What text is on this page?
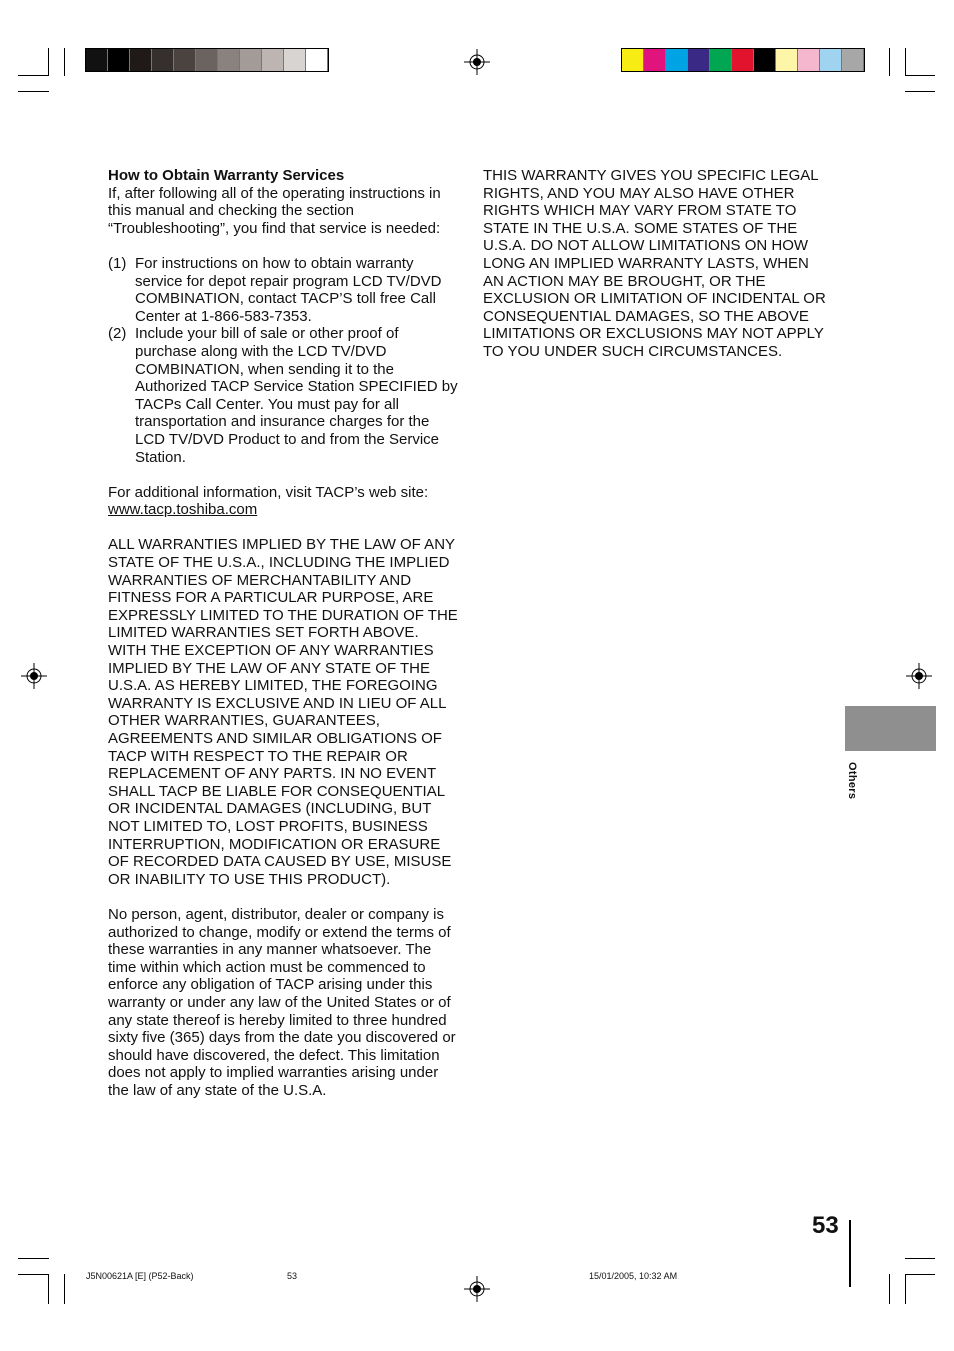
How to Obtain Warranty Services

If, after following all of the operating instructions in this manual and checking the section “Troubleshooting”, you find that service is needed:

(1) For instructions on how to obtain warranty service for depot repair program LCD TV/DVD COMBINATION, contact TACP’S toll free Call Center at 1-866-583-7353.
(2) Include your bill of sale or other proof of purchase along with the LCD TV/DVD COMBINATION, when sending it to the Authorized TACP Service Station SPECIFIED by TACPs Call Center. You must pay for all transportation and insurance charges for the LCD TV/DVD Product to and from the Service Station.

For additional information, visit TACP’s web site:

www.tacp.toshiba.com

ALL WARRANTIES IMPLIED BY THE LAW OF ANY STATE OF THE U.S.A., INCLUDING THE IMPLIED WARRANTIES OF MERCHANTABILITY AND FITNESS FOR A PARTICULAR PURPOSE, ARE EXPRESSLY LIMITED TO THE DURATION OF THE LIMITED WARRANTIES SET FORTH ABOVE. WITH THE EXCEPTION OF ANY WARRANTIES IMPLIED BY THE LAW OF ANY STATE OF THE U.S.A. AS HEREBY LIMITED, THE FOREGOING WARRANTY IS EXCLUSIVE AND IN LIEU OF ALL OTHER WARRANTIES, GUARANTEES, AGREEMENTS AND SIMILAR OBLIGATIONS OF TACP WITH RESPECT TO THE REPAIR OR REPLACEMENT OF ANY PARTS. IN NO EVENT SHALL TACP BE LIABLE FOR CONSEQUENTIAL OR INCIDENTAL DAMAGES (INCLUDING, BUT NOT LIMITED TO, LOST PROFITS, BUSINESS INTERRUPTION, MODIFICATION OR ERASURE OF RECORDED DATA CAUSED BY USE, MISUSE OR INABILITY TO USE THIS PRODUCT).

No person, agent, distributor, dealer or company is authorized to change, modify or extend the terms of these warranties in any manner whatsoever. The time within which action must be commenced to enforce any obligation of TACP arising under this warranty or under any law of the United States or of any state thereof is hereby limited to three hundred sixty five (365) days from the date you discovered or should have discovered, the defect. This limitation does not apply to implied warranties arising under the law of any state of the U.S.A.

THIS WARRANTY GIVES YOU SPECIFIC LEGAL RIGHTS, AND YOU MAY ALSO HAVE OTHER RIGHTS WHICH MAY VARY FROM STATE TO STATE IN THE U.S.A. SOME STATES OF THE U.S.A. DO NOT ALLOW LIMITATIONS ON HOW LONG AN IMPLIED WARRANTY LASTS, WHEN AN ACTION MAY BE BROUGHT, OR THE EXCLUSION OR LIMITATION OF INCIDENTAL OR CONSEQUENTIAL DAMAGES, SO THE ABOVE LIMITATIONS OR EXCLUSIONS MAY NOT APPLY TO YOU UNDER SUCH CIRCUMSTANCES.

Others
53
J5N00621A [E] (P52-Back)	53	15/01/2005, 10:32 AM
